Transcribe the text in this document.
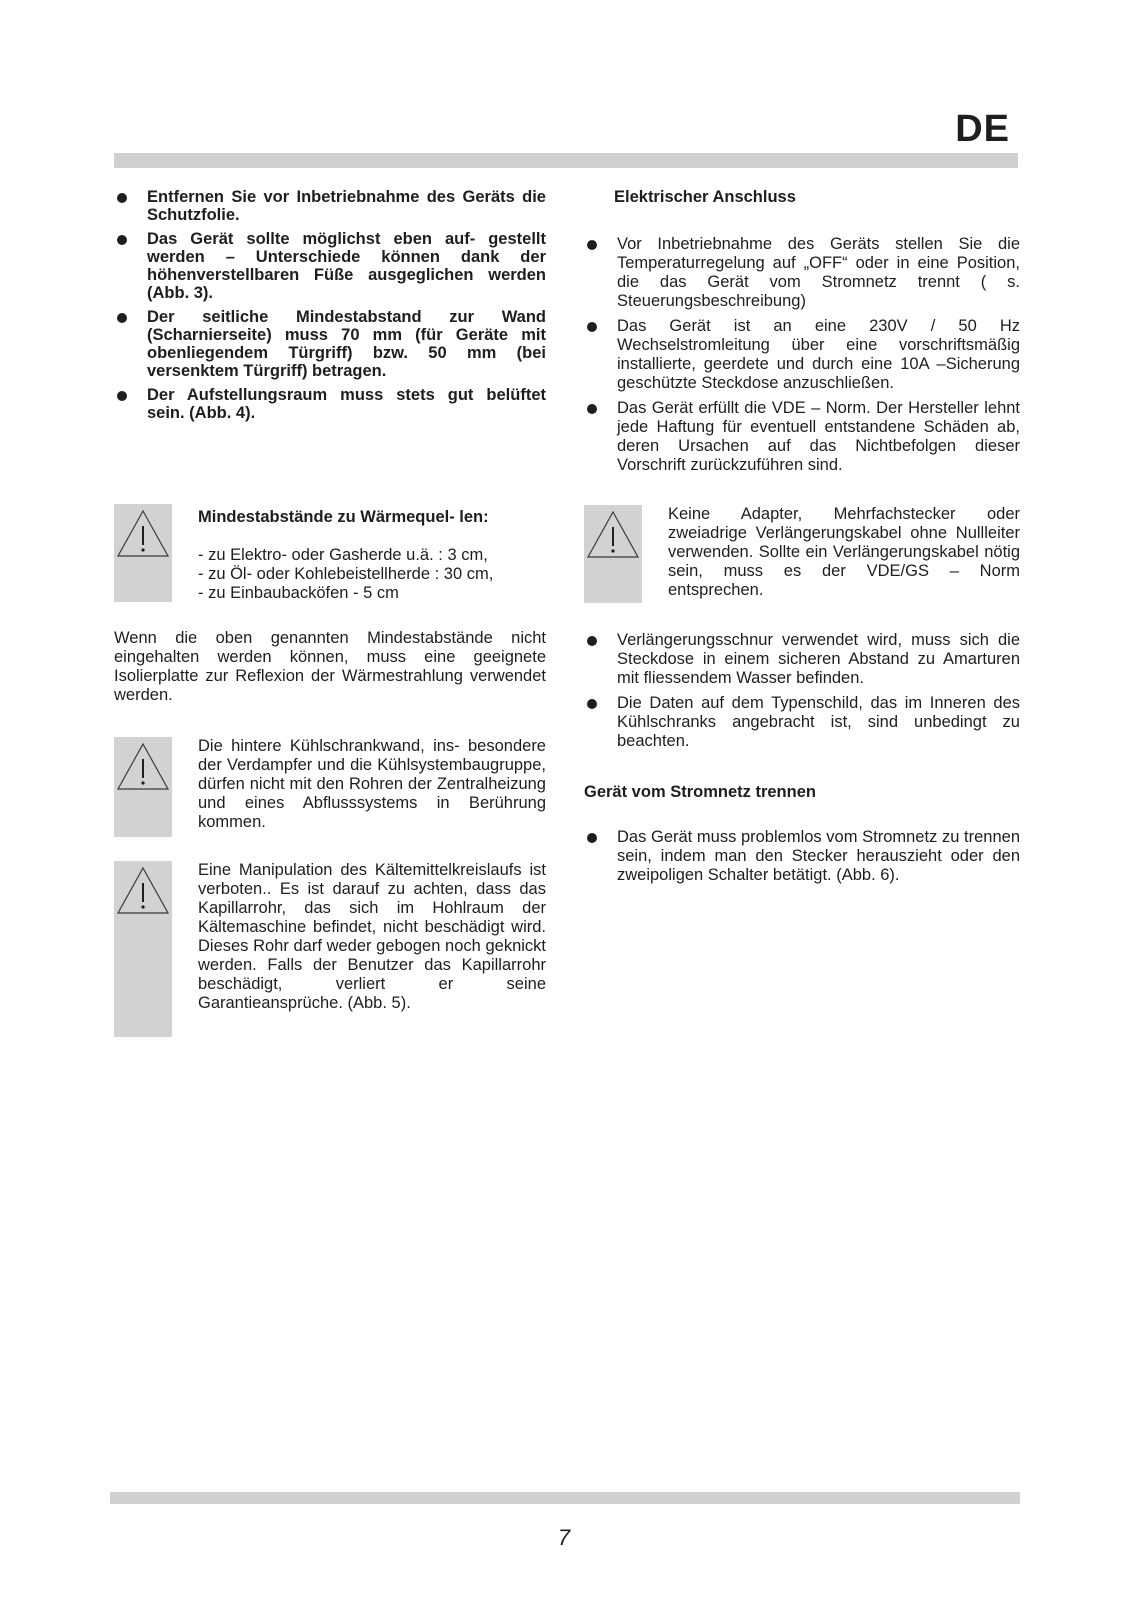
DE
Entfernen Sie vor Inbetriebnahme des Geräts die Schutzfolie.
Das Gerät sollte möglichst eben auf- gestellt werden – Unterschiede können dank der höhenverstellbaren Füße ausgeglichen werden (Abb. 3).
Der seitliche Mindestabstand zur Wand (Scharnierseite) muss 70 mm (für Geräte mit obenliegendem Türgriff) bzw. 50 mm (bei versenktem Türgriff) betragen.
Der Aufstellungsraum muss stets gut belüftet sein. (Abb. 4).

Mindestabstände zu Wärmequel- len:

- zu Elektro- oder Gasherde u.ä. : 3 cm,

- zu Öl- oder Kohlebeistellherde : 30 cm,

- zu Einbaubacköfen - 5 cm

Wenn die oben genannten Mindestabstände nicht eingehalten werden können, muss eine geeignete Isolierplatte zur Reflexion der Wärmestrahlung verwendet werden.

Die hintere Kühlschrankwand, ins- besondere der Verdampfer und die Kühlsystembaugruppe, dürfen nicht mit den Rohren der Zentralheizung und eines Abflusssystems in Berührung kommen.

Eine Manipulation des Kältemittelkreislaufs ist verboten.. Es ist darauf zu achten, dass das Kapillarrohr, das sich im Hohlraum der Kältemaschine befindet, nicht beschädigt wird. Dieses Rohr darf weder gebogen noch geknickt werden. Falls der Benutzer das Kapillarrohr beschädigt, verliert er seine Garantieansprüche. (Abb. 5).

Elektrischer Anschluss

Vor Inbetriebnahme des Geräts stellen Sie die Temperaturregelung auf „OFF“ oder in eine Position, die das Gerät vom Stromnetz trennt ( s. Steuerungsbeschreibung)
Das Gerät ist an eine 230V / 50 Hz Wechselstromleitung über eine vorschriftsmäßig installierte, geerdete und durch eine 10A –Sicherung geschützte Steckdose anzuschließen.
Das Gerät erfüllt die VDE – Norm. Der Hersteller lehnt jede Haftung für eventuell entstandene Schäden ab, deren Ursachen auf das Nichtbefolgen dieser Vorschrift zurückzuführen sind.

Keine Adapter, Mehrfachstecker oder zweiadrige Verlängerungskabel ohne Nullleiter verwenden. Sollte ein Verlängerungskabel nötig sein, muss es der VDE/GS – Norm entsprechen.

Verlängerungsschnur verwendet wird, muss sich die Steckdose in einem sicheren Abstand zu Amarturen mit fliessendem Wasser befinden.
Die Daten auf dem Typenschild, das im Inneren des Kühlschranks angebracht ist, sind unbedingt zu beachten.

Gerät vom Stromnetz trennen

Das Gerät muss problemlos vom Stromnetz zu trennen sein, indem man den Stecker herauszieht oder den zweipoligen Schalter betätigt. (Abb. 6).
7
